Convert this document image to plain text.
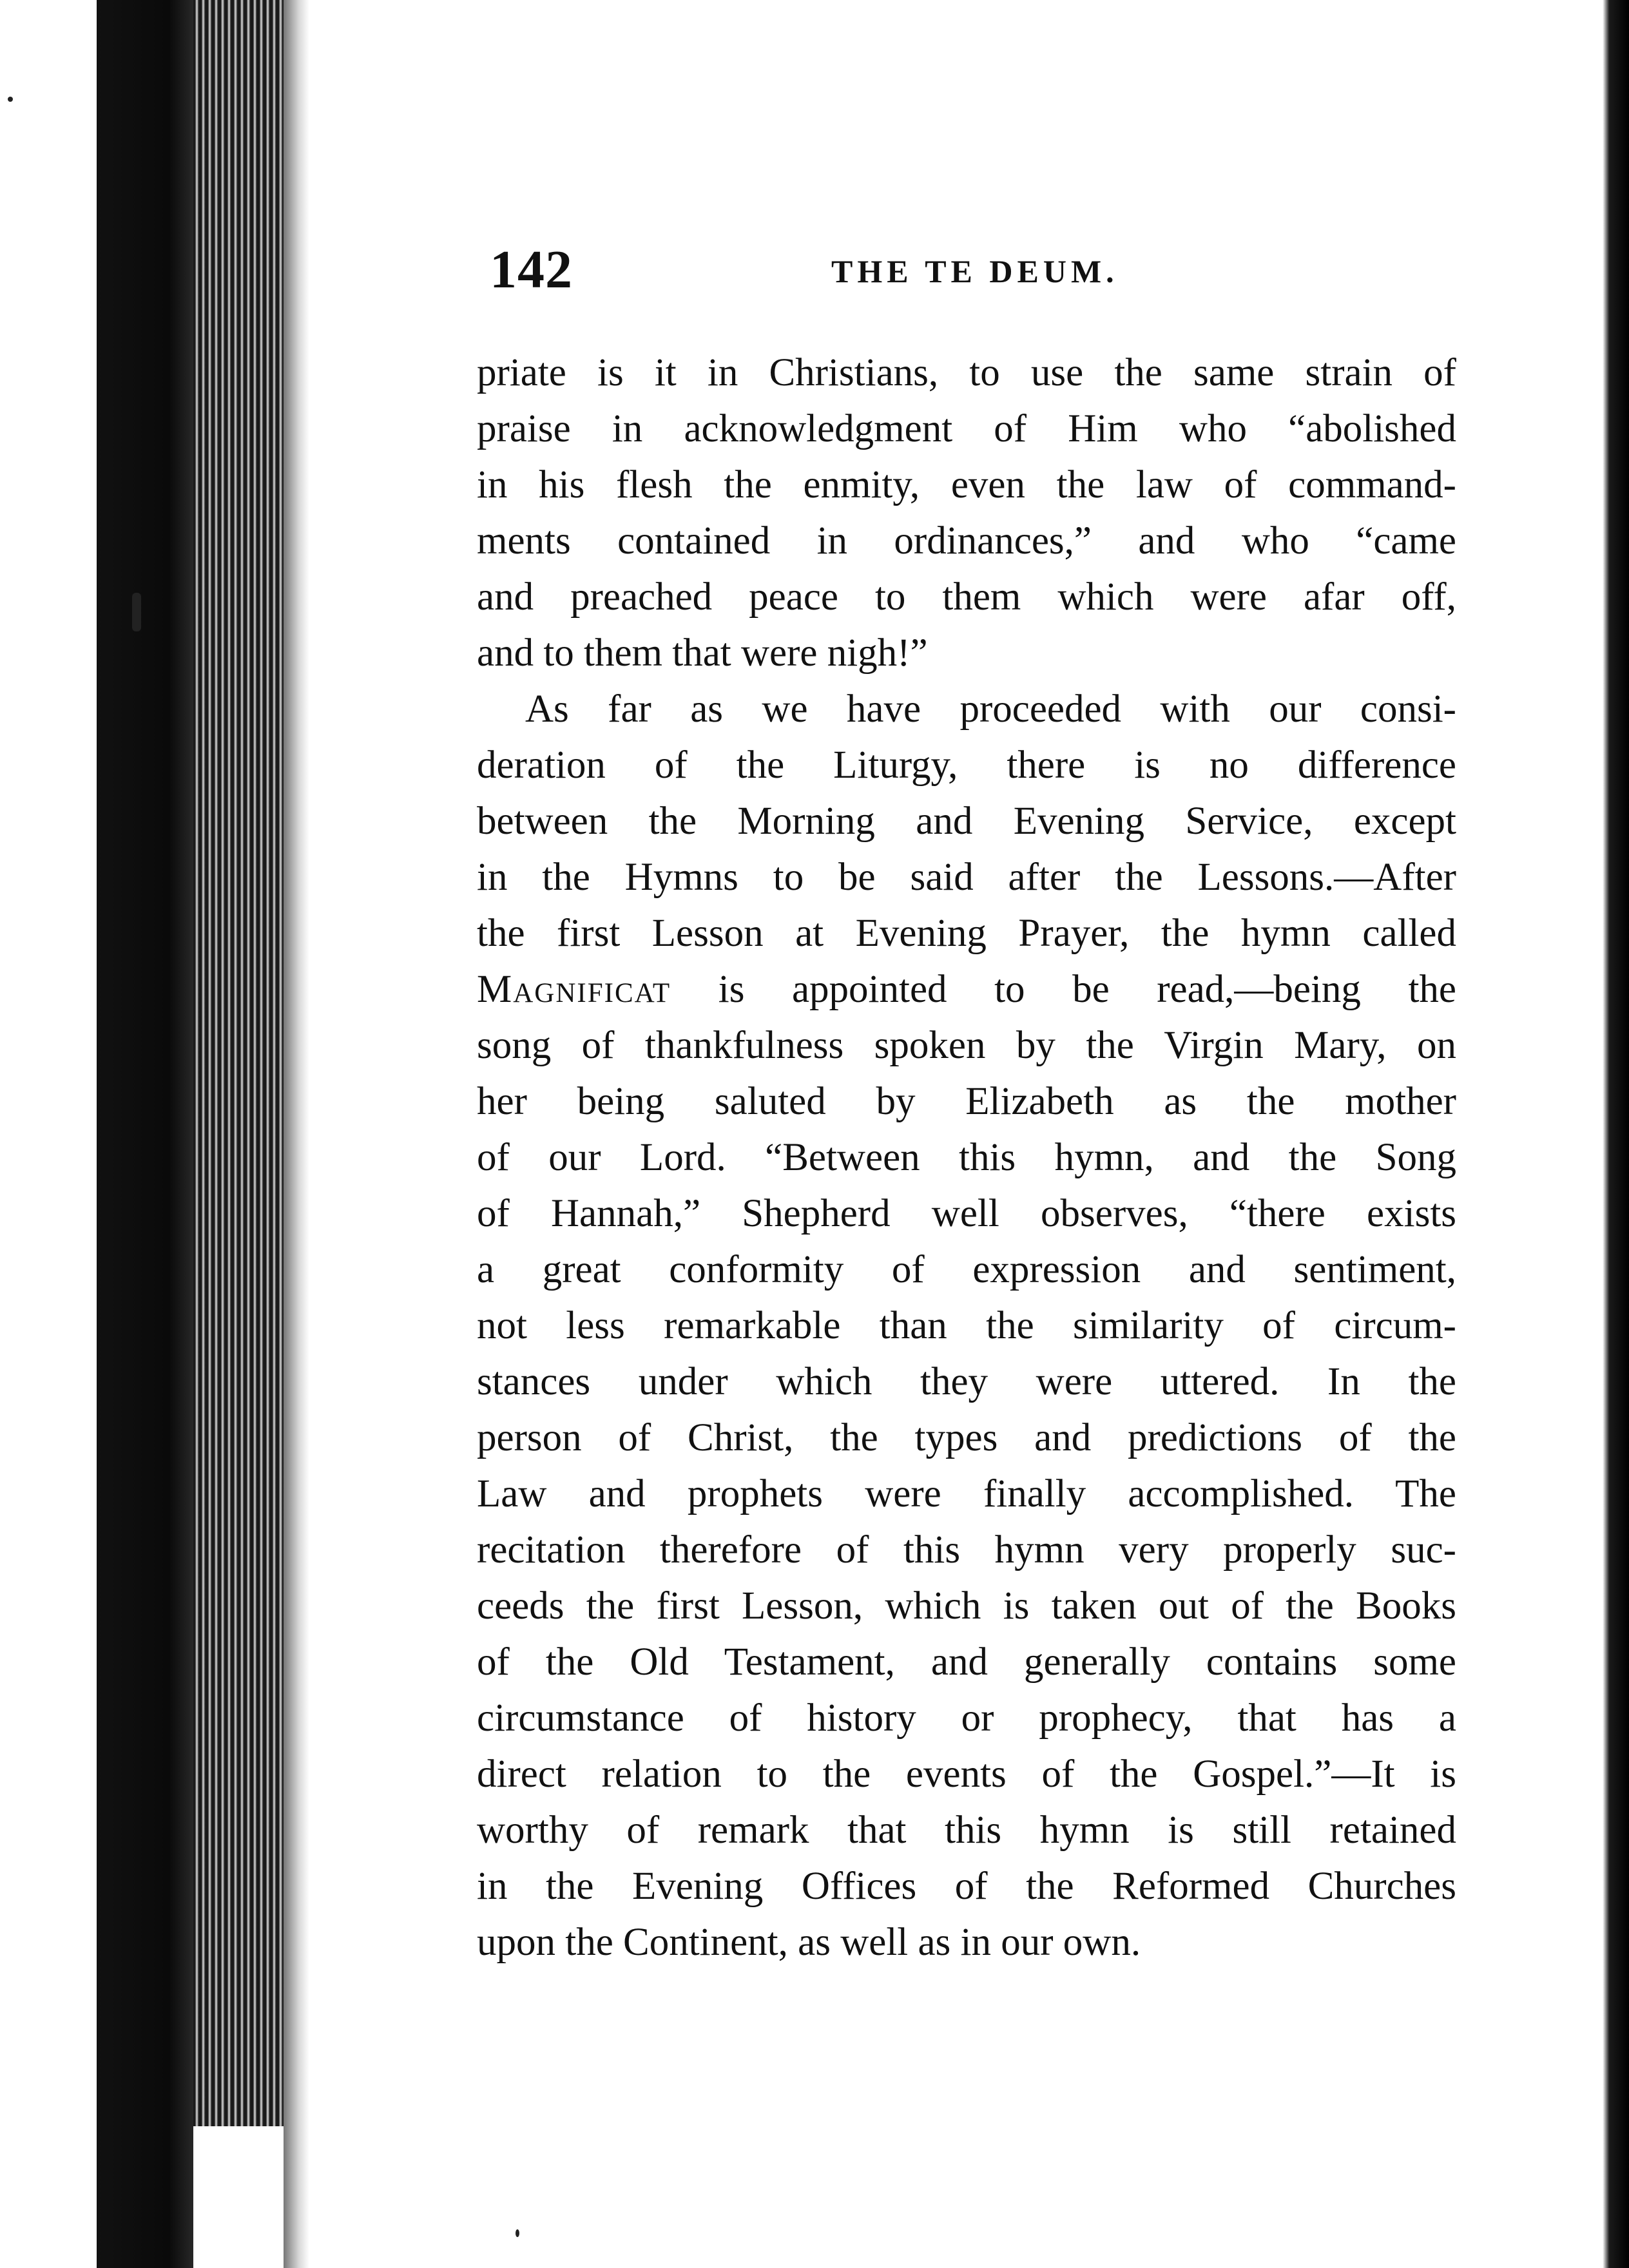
142	THE TE DEUM.
priate is it in Christians, to use the same strain of
praise in acknowledgment of Him who “abolished
in his flesh the enmity, even the law of command-
ments contained in ordinances,” and who “came
and preached peace to them which were afar off,
and to them that were nigh!”
As far as we have proceeded with our consi-
deration of the Liturgy, there is no difference
between the Morning and Evening Service, except
in the Hymns to be said after the Lessons.—After
the first Lesson at Evening Prayer, the hymn called
Magnificat is appointed to be read,—being the
song of thankfulness spoken by the Virgin Mary, on
her being saluted by Elizabeth as the mother
of our Lord. “Between this hymn, and the Song
of Hannah,” Shepherd well observes, “there exists
a great conformity of expression and sentiment,
not less remarkable than the similarity of circum-
stances under which they were uttered. In the
person of Christ, the types and predictions of the
Law and prophets were finally accomplished. The
recitation therefore of this hymn very properly suc-
ceeds the first Lesson, which is taken out of the Books
of the Old Testament, and generally contains some
circumstance of history or prophecy, that has a
direct relation to the events of the Gospel.”—It is
worthy of remark that this hymn is still retained
in the Evening Offices of the Reformed Churches
upon the Continent, as well as in our own.
